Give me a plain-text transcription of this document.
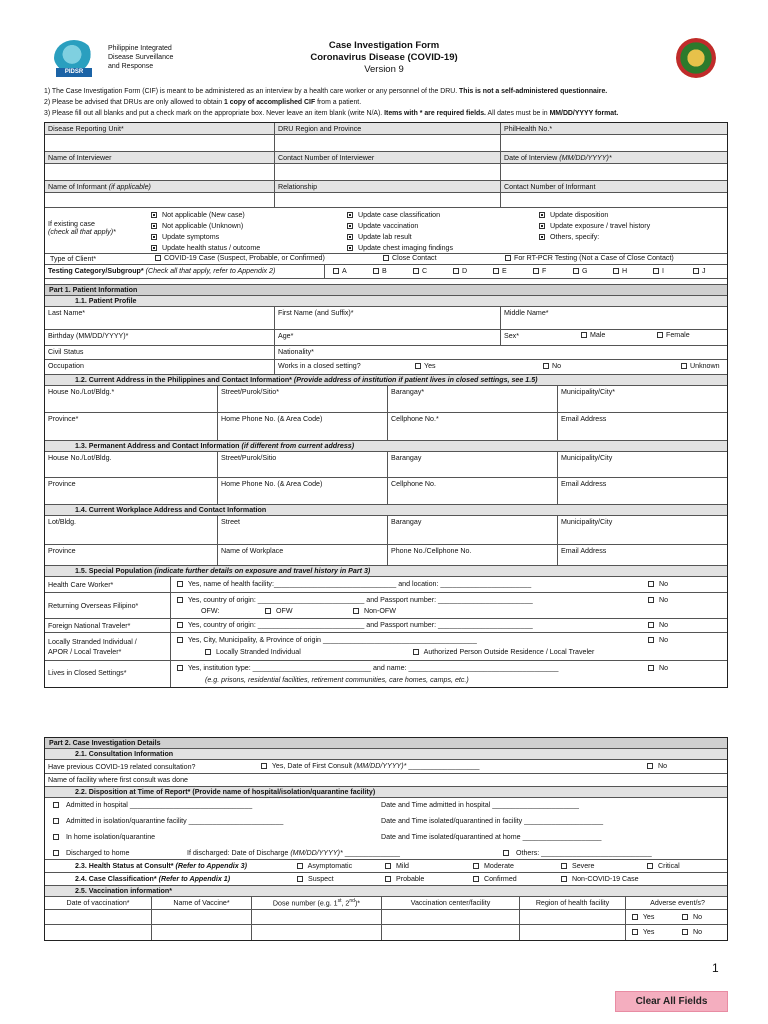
PIDSR
Philippine Integrated
Disease Surveillance
and Response
Case Investigation Form
Coronavirus Disease (COVID-19)
Version 9
1) The Case Investigation Form (CIF) is meant to be administered as an interview by a health care worker or any personnel of the DRU. This is not a self-administered questionnaire.
2) Please be advised that DRUs are only allowed to obtain 1 copy of accomplished CIF from a patient.
3) Please fill out all blanks and put a check mark on the appropriate box. Never leave an item blank (write N/A). Items with * are required fields. All dates must be in MM/DD/YYYY format.
Disease Reporting Unit*	DRU Region and Province	PhilHealth No.*
Name of Interviewer	Contact Number of Interviewer	Date of Interview (MM/DD/YYYY)*
Name of Informant (if applicable)	Relationship	Contact Number of Informant
If existing case
(check all that apply)*
Not applicable (New case)
Not applicable (Unknown)
Update symptoms
Update health status / outcome
Update case classification
Update vaccination
Update lab result
Update chest imaging findings
Update disposition
Update exposure / travel history
Others, specify:
Type of Client*	COVID-19 Case (Suspect, Probable, or Confirmed)	Close Contact	For RT-PCR Testing (Not a Case of Close Contact)
Testing Category/Subgroup* (Check all that apply, refer to Appendix 2)	A	B	C	D	E	F	G	H	I	J
Part 1. Patient Information
1.1. Patient Profile
Last Name*	First Name (and Suffix)*	Middle Name*
Birthday (MM/DD/YYYY)*	Age*	Sex*	Male	Female
Civil Status	Nationality*
Occupation	Works in a closed setting?	Yes	No	Unknown
1.2. Current Address in the Philippines and Contact Information* (Provide address of institution if patient lives in closed settings, see 1.5)
House No./Lot/Bldg.*	Street/Purok/Sitio*	Barangay*	Municipality/City*
Province*	Home Phone No. (& Area Code)	Cellphone No.*	Email Address
1.3. Permanent Address and Contact Information (if different from current address)
House No./Lot/Bldg.	Street/Purok/Sitio	Barangay	Municipality/City
Province	Home Phone No. (& Area Code)	Cellphone No.	Email Address
1.4. Current Workplace Address and Contact Information
Lot/Bldg.	Street	Barangay	Municipality/City
Province	Name of Workplace	Phone No./Cellphone No.	Email Address
1.5. Special Population (indicate further details on exposure and travel history in Part 3)
Health Care Worker*	Yes, name of health facility:_______________________________ and location: _______________________	No
Returning Overseas Filipino*
Yes, country of origin: ___________________________ and Passport number: ________________________	No
OFW:	OFW	Non-OFW
Foreign National Traveler*	Yes, country of origin: ___________________________ and Passport number: ________________________	No
Locally Stranded Individual /
APOR / Local Traveler*
Yes, City, Municipality, & Province of origin _______________________________________	No
Locally Stranded Individual	Authorized Person Outside Residence / Local Traveler
Lives in Closed Settings*
Yes, institution type: ______________________________ and name: ______________________________________	No
(e.g. prisons, residential facilities, retirement communities, care homes, camps, etc.)
Part 2. Case Investigation Details
2.1. Consultation Information
Have previous COVID-19 related consultation?	Yes, Date of First Consult (MM/DD/YYYY)* __________________	No
Name of facility where first consult was done
2.2. Disposition at Time of Report* (Provide name of hospital/isolation/quarantine facility)
Admitted in hospital _______________________________	Date and Time admitted in hospital ______________________
Admitted in isolation/quarantine facility ________________________	Date and Time isolated/quarantined in facility ____________________
In home isolation/quarantine	Date and Time isolated/quarantined at home ____________________
Discharged to home	If discharged: Date of Discharge (MM/DD/YYYY)* ______________	Others: ____________________________
2.3. Health Status at Consult* (Refer to Appendix 3)	Asymptomatic	Mild	Moderate	Severe	Critical
2.4. Case Classification* (Refer to Appendix 1)	Suspect	Probable	Confirmed	Non-COVID-19 Case
2.5. Vaccination information*
Date of vaccination*	Name of Vaccine*	Dose number (e.g. 1st, 2nd)*	Vaccination center/facility	Region of health facility	Adverse event/s?
Yes	No
Yes	No
1
Clear All Fields
